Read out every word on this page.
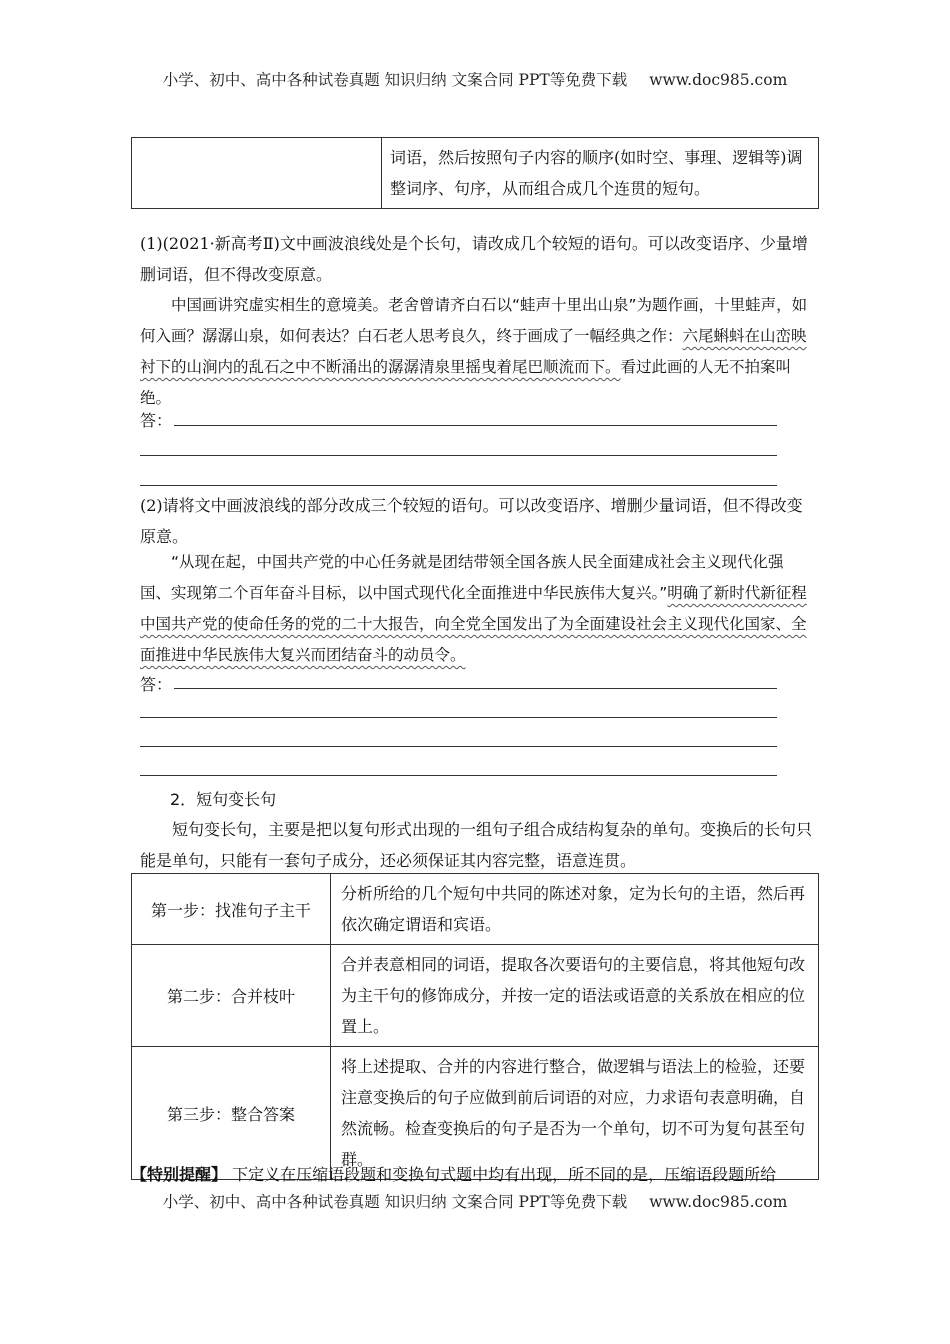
小学、初中、高中各种试卷真题 知识归纳 文案合同 PPT等免费下载 www.doc985.com
	词语，然后按照句子内容的顺序(如时空、事理、逻辑等)调整词序、句序，从而组合成几个连贯的短句。
(1)(2021·新高考Ⅱ)文中画波浪线处是个长句，请改成几个较短的语句。可以改变语序、少量增删词语，但不得改变原意。
中国画讲究虚实相生的意境美。老舍曾请齐白石以“蛙声十里出山泉”为题作画，十里蛙声，如何入画？潺潺山泉，如何表达？白石老人思考良久，终于画成了一幅经典之作：六尾蝌蚪在山峦映衬下的山涧内的乱石之中不断涌出的潺潺清泉里摇曳着尾巴顺流而下。看过此画的人无不拍案叫绝。
答：
(2)请将文中画波浪线的部分改成三个较短的语句。可以改变语序、增删少量词语，但不得改变原意。
“从现在起，中国共产党的中心任务就是团结带领全国各族人民全面建成社会主义现代化强国、实现第二个百年奋斗目标，以中国式现代化全面推进中华民族伟大复兴。”明确了新时代新征程中国共产党的使命任务的党的二十大报告，向全党全国发出了为全面建设社会主义现代化国家、全面推进中华民族伟大复兴而团结奋斗的动员令。
答：
2．短句变长句
短句变长句，主要是把以复句形式出现的一组句子组合成结构复杂的单句。变换后的长句只能是单句，只能有一套句子成分，还必须保证其内容完整，语意连贯。
第一步：找准句子主干	分析所给的几个短句中共同的陈述对象，定为长句的主语，然后再依次确定谓语和宾语。
第二步：合并枝叶	合并表意相同的词语，提取各次要语句的主要信息，将其他短句改为主干句的修饰成分，并按一定的语法或语意的关系放在相应的位置上。
第三步：整合答案	将上述提取、合并的内容进行整合，做逻辑与语法上的检验，还要注意变换后的句子应做到前后词语的对应，力求语句表意明确，自然流畅。检查变换后的句子是否为一个单句，切不可为复句甚至句群。
【特别提醒】 下定义在压缩语段题和变换句式题中均有出现，所不同的是，压缩语段题所给
小学、初中、高中各种试卷真题 知识归纳 文案合同 PPT等免费下载 www.doc985.com
